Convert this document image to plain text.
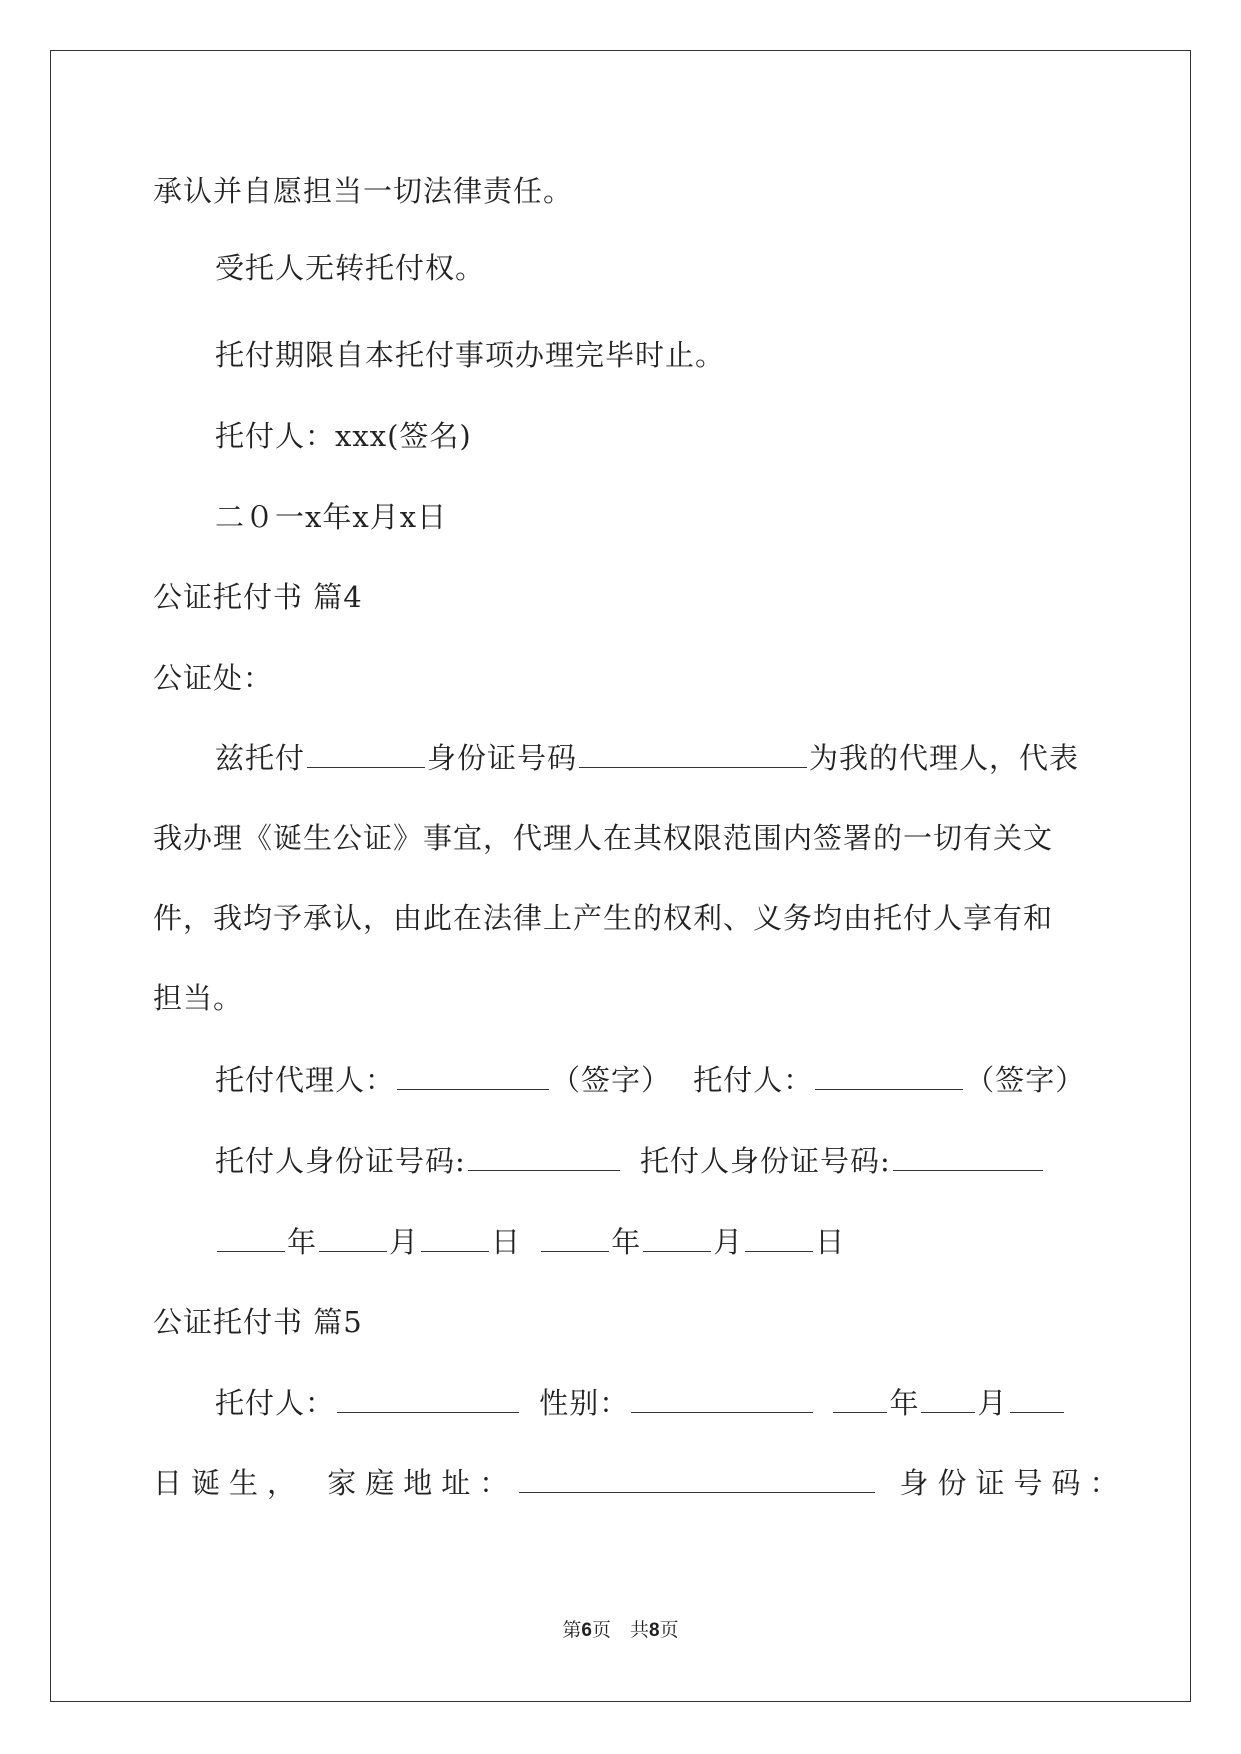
承认并自愿担当一切法律责任。
受托人无转托付权。
托付期限自本托付事项办理完毕时止。
托付人：xxx(签名)
二０一x年x月x日
公证托付书 篇4
公证处：
兹托付	身份证号码	为我的代理人，代表
我办理《诞生公证》事宜，代理人在其权限范围内签署的一切有关文
件，我均予承认，由此在法律上产生的权利、义务均由托付人享有和
担当。
托付代理人：	（签字） 托付人：	（签字）
托付人身份证号码:	托付人身份证号码:
年 月 日	年 月 日
公证托付书 篇5
托付人：	性别：	年 月
日诞生， 家庭地址：	身份证号码：
第6页　共8页
